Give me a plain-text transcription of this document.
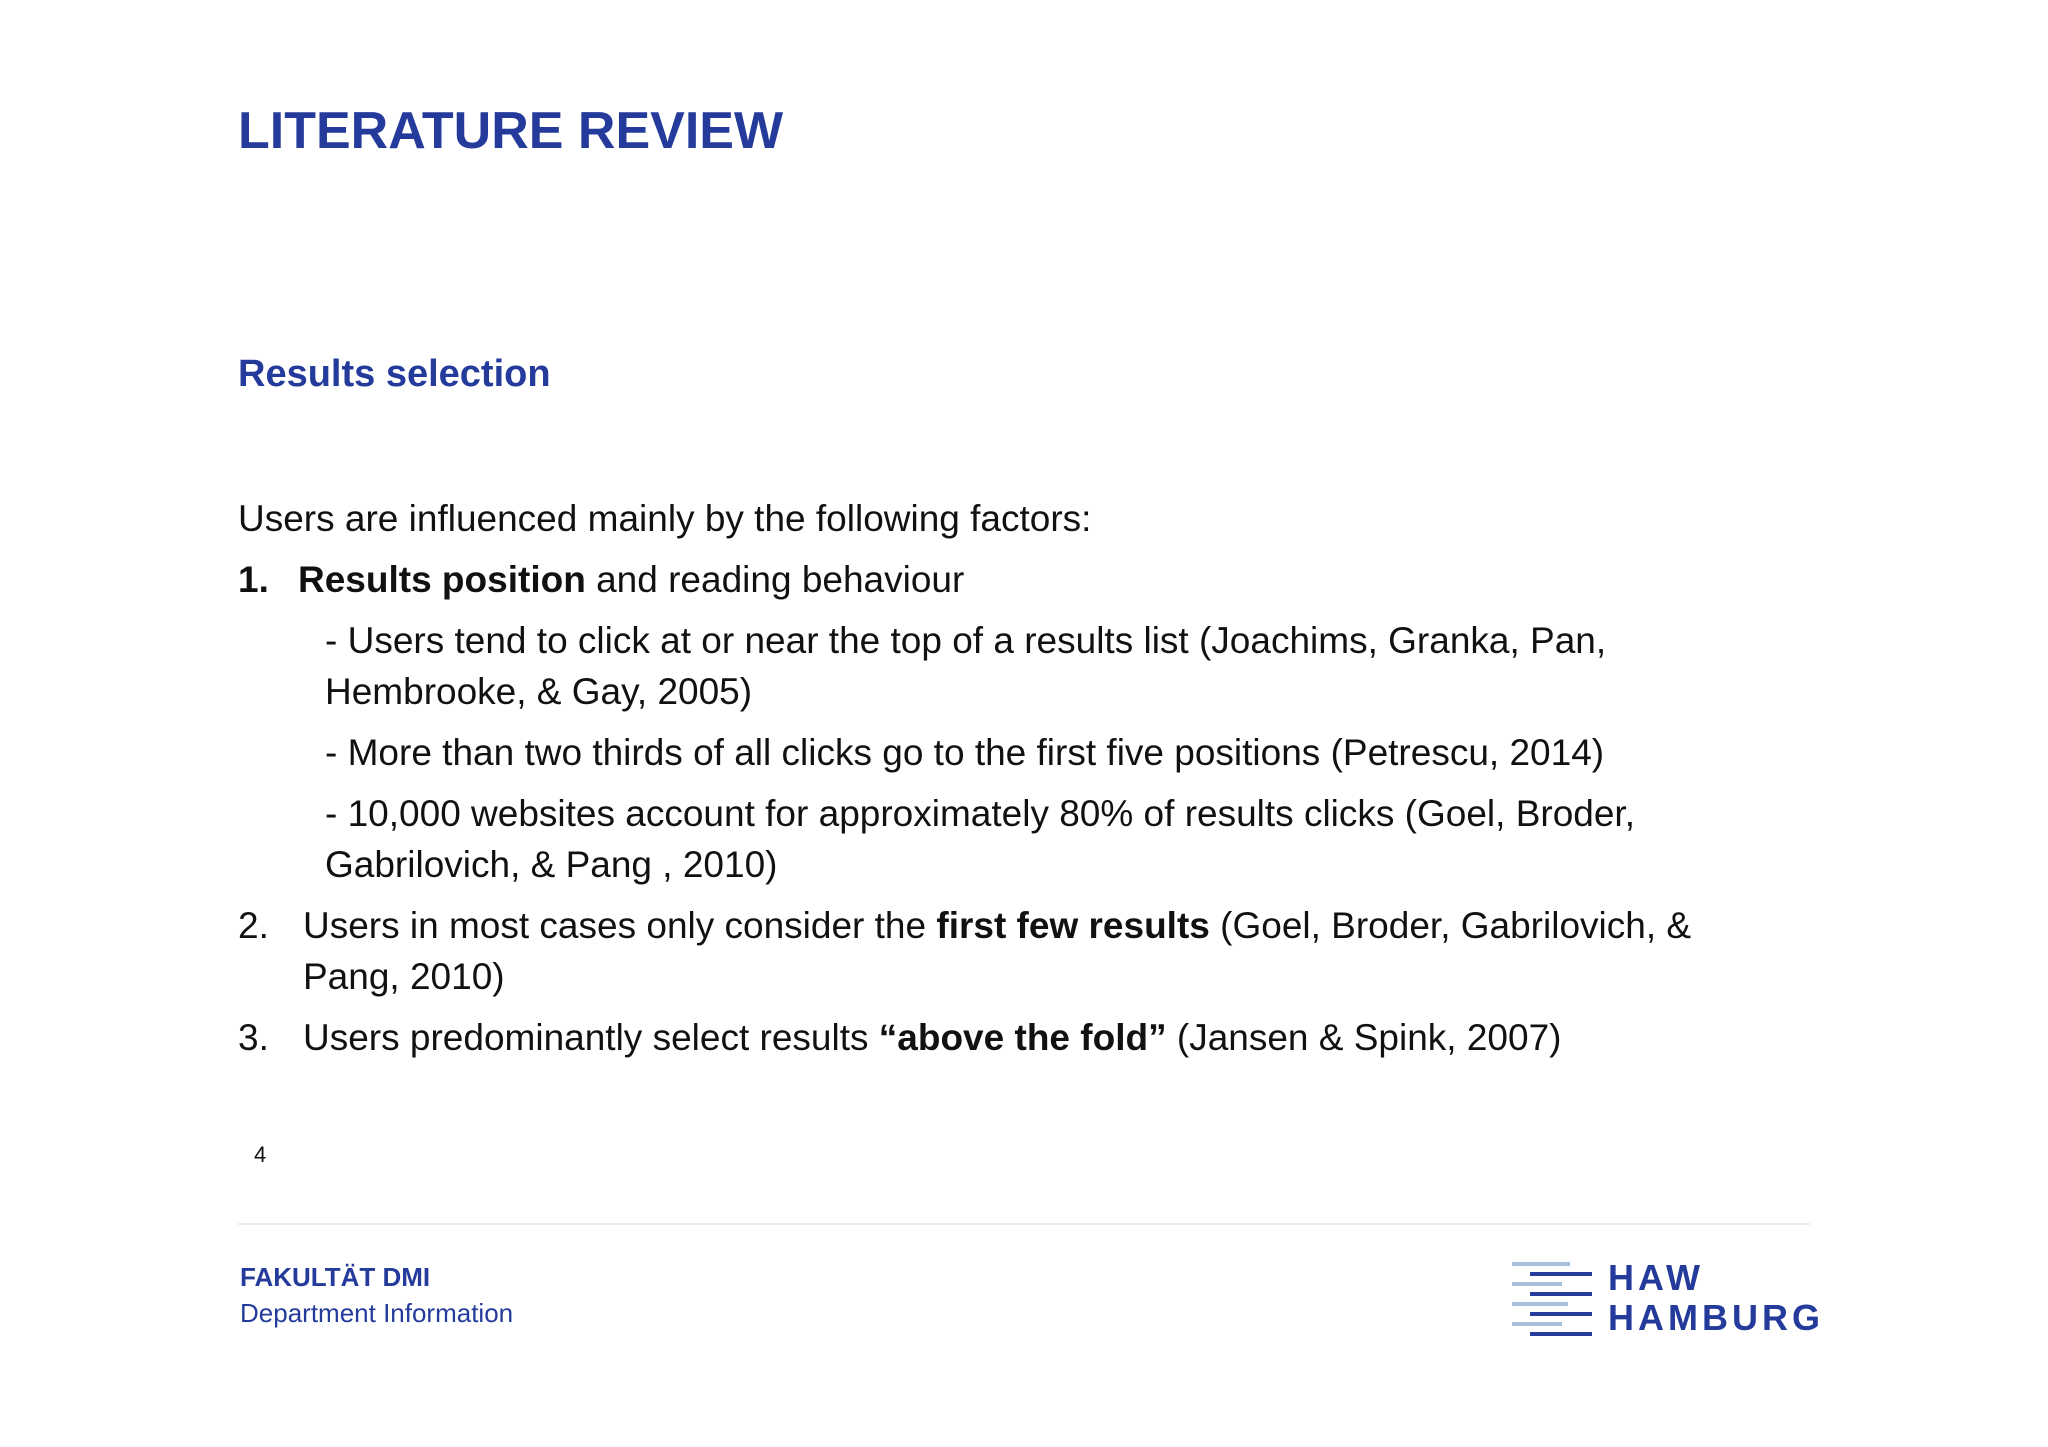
LITERATURE REVIEW
Results selection

Users are influenced mainly by the following factors:

1. Results position and reading behaviour

- Users tend to click at or near the top of a results list (Joachims, Granka, Pan,

Hembrooke, & Gay, 2005)

- More than two thirds of all clicks go to the first five positions (Petrescu, 2014)

- 10,000 websites account for approximately 80% of results clicks (Goel, Broder,

Gabrilovich, & Pang , 2010)

2. Users in most cases only consider the first few results (Goel, Broder, Gabrilovich, &

Pang, 2010)

3. Users predominantly select results “above the fold” (Jansen & Spink, 2007)

4
FAKULTÄT DMI
Department Information
HAW
HAMBURG
